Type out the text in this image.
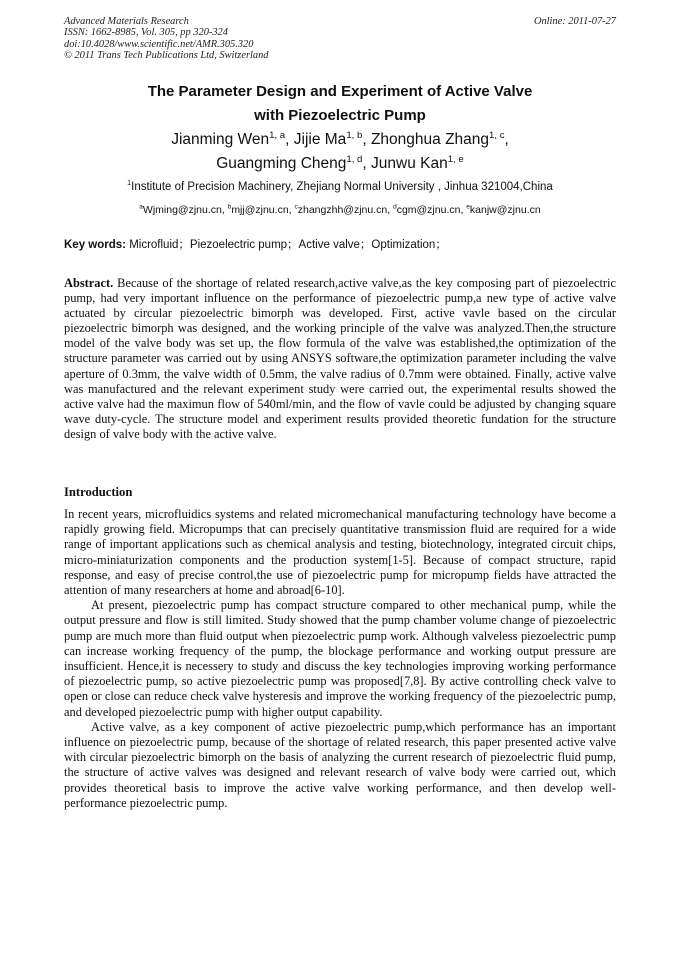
Advanced Materials Research
ISSN: 1662-8985, Vol. 305, pp 320-324
doi:10.4028/www.scientific.net/AMR.305.320
© 2011 Trans Tech Publications Ltd, Switzerland
Online: 2011-07-27
The Parameter Design and Experiment of Active Valve
with Piezoelectric Pump
Jianming Wen$^{1, a}$, Jijie Ma$^{1, b}$, Zhonghua Zhang$^{1, c}$,
Guangming Cheng$^{1, d}$, Junwu Kan$^{1, e}$
$^1$Institute of Precision Machinery, Zhejiang Normal University , Jinhua 321004,China
$^a$Wjming@zjnu.cn, $^b$mjj@zjnu.cn, $^c$zhangzhh@zjnu.cn, $^d$cgm@zjnu.cn, $^e$kanjw@zjnu.cn
Key words: Microfluid；Piezoelectric pump；Active valve；Optimization；

Abstract. Because of the shortage of related research,active valve,as the key composing part of piezoelectric pump, had very important influence on the performance of piezoelectric pump,a new type of active valve actuated by circular piezoelectric bimorph was developed. First, active vavle based on the circular piezoelectric bimorph was designed, and the working principle of the valve was analyzed.Then,the structure model of the valve body was set up, the flow formula of the valve was established,the optimization of the structure parameter was carried out by using ANSYS software,the optimization parameter including the valve aperture of 0.3mm, the valve width of 0.5mm, the valve radius of 0.7mm were obtained. Finally, active valve was manufactured and the relevant experiment study were carried out, the experimental results showed the active valve had the maximun flow of 540ml/min, and the flow of vavle could be adjusted by changing square wave duty-cycle. The structure model and experiment results provided theoretic fundation for the structure design of valve body with the active valve.

Introduction

In recent years, microfluidics systems and related micromechanical manufacturing technology have become a rapidly growing field. Micropumps that can precisely quantitative transmission fluid are required for a wide range of important applications such as chemical analysis and testing, biotechnology, integrated circuit chips, micro-miniaturization components and the production system[1-5]. Because of compact structure, rapid response, and easy of precise control,the use of piezoelectric pump for micropump fields have attracted the attention of many researchers at home and abroad[6-10].

At present, piezoelectric pump has compact structure compared to other mechanical pump, while the output pressure and flow is still limited. Study showed that the pump chamber volume change of piezoelectric pump are much more than fluid output when piezoelectric pump work. Although valveless piezoelectric pump can increase working frequency of the pump, the blockage performance and working output pressure are insufficient. Hence,it is necessery to study and discuss the key technologies improving working performance of piezoelectric pump, so active piezoelectric pump was proposed[7,8]. By active controlling check valve to open or close can reduce check valve hysteresis and improve the working frequency of the piezoelectric pump, and developed piezoelectric pump with higher output capability.

Active valve, as a key component of active piezoelectric pump,which performance has an important influence on piezoelectric pump, because of the shortage of related research, this paper presented active valve with circular piezoelectric bimorph on the basis of analyzing the current research of piezoelectric fluid pump, the structure of active valves was designed and relevant research of valve body were carried out, which provides theoretical basis to improve the active valve working performance, and then develop well-performance piezoelectric pump.
